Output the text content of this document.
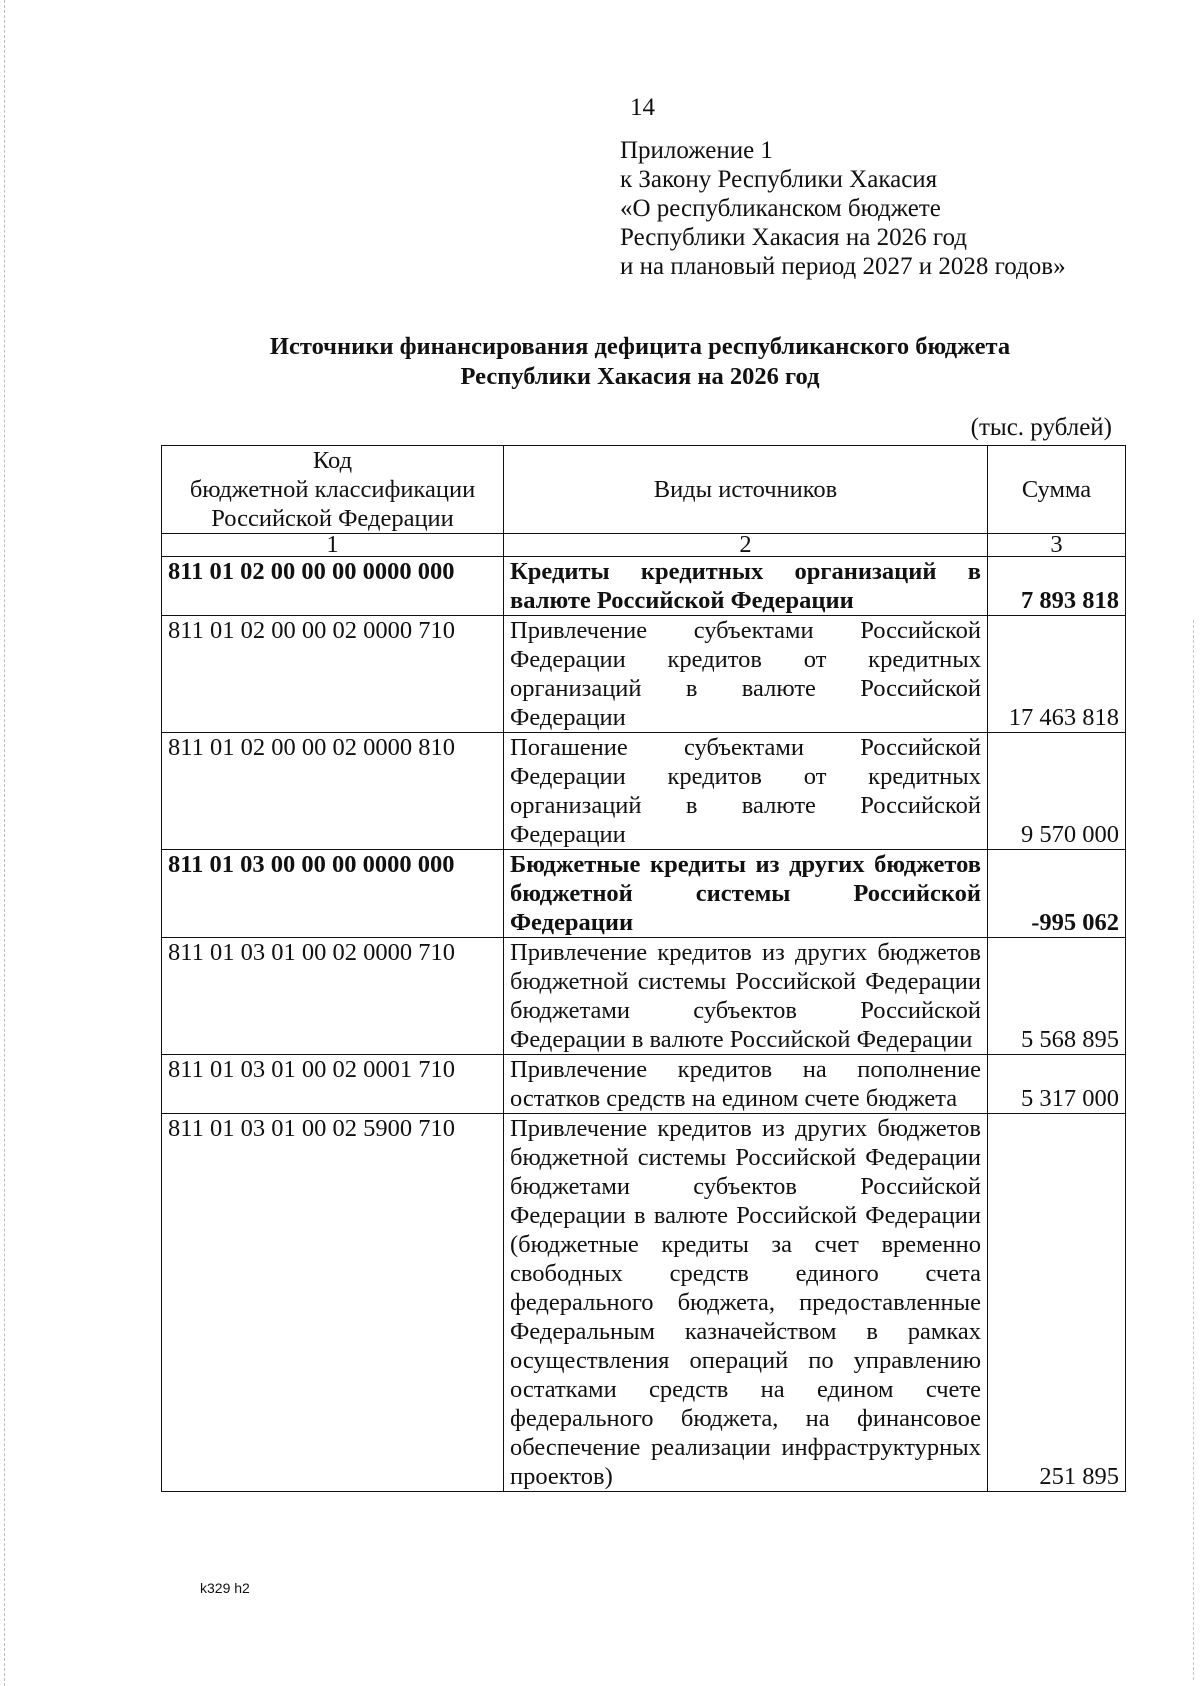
14
Приложение 1
к Закону Республики Хакасия
«О республиканском бюджете
Республики Хакасия на 2026 год
и на плановый период 2027 и 2028 годов»
Источники финансирования дефицита республиканского бюджета
Республики Хакасия на 2026 год
(тыс. рублей)
Код
бюджетной классификации
Российской Федерации	Виды источников	Сумма
1	2	3
811 01 02 00 00 00 0000 000	Кредиты кредитных организаций в валюте Российской Федерации	7 893 818
811 01 02 00 00 02 0000 710	Привлечение субъектами Российской Федерации кредитов от кредитных организаций в валюте Российской Федерации	17 463 818
811 01 02 00 00 02 0000 810	Погашение субъектами Российской Федерации кредитов от кредитных организаций в валюте Российской Федерации	9 570 000
811 01 03 00 00 00 0000 000	Бюджетные кредиты из других бюджетов бюджетной системы Российской Федерации	-995 062
811 01 03 01 00 02 0000 710	Привлечение кредитов из других бюджетов бюджетной системы Российской Федерации бюджетами субъектов Российской Федерации в валюте Российской Федерации	5 568 895
811 01 03 01 00 02 0001 710	Привлечение кредитов на пополнение остатков средств на едином счете бюджета	5 317 000
811 01 03 01 00 02 5900 710	Привлечение кредитов из других бюджетов бюджетной системы Российской Федерации бюджетами субъектов Российской Федерации в валюте Российской Федерации (бюджетные кредиты за счет временно свободных средств единого счета федерального бюджета, предоставленные Федеральным казначейством в рамках осуществления операций по управлению остатками средств на едином счете федерального бюджета, на финансовое обеспечение реализации инфраструктурных проектов)	251 895
k329 h2
